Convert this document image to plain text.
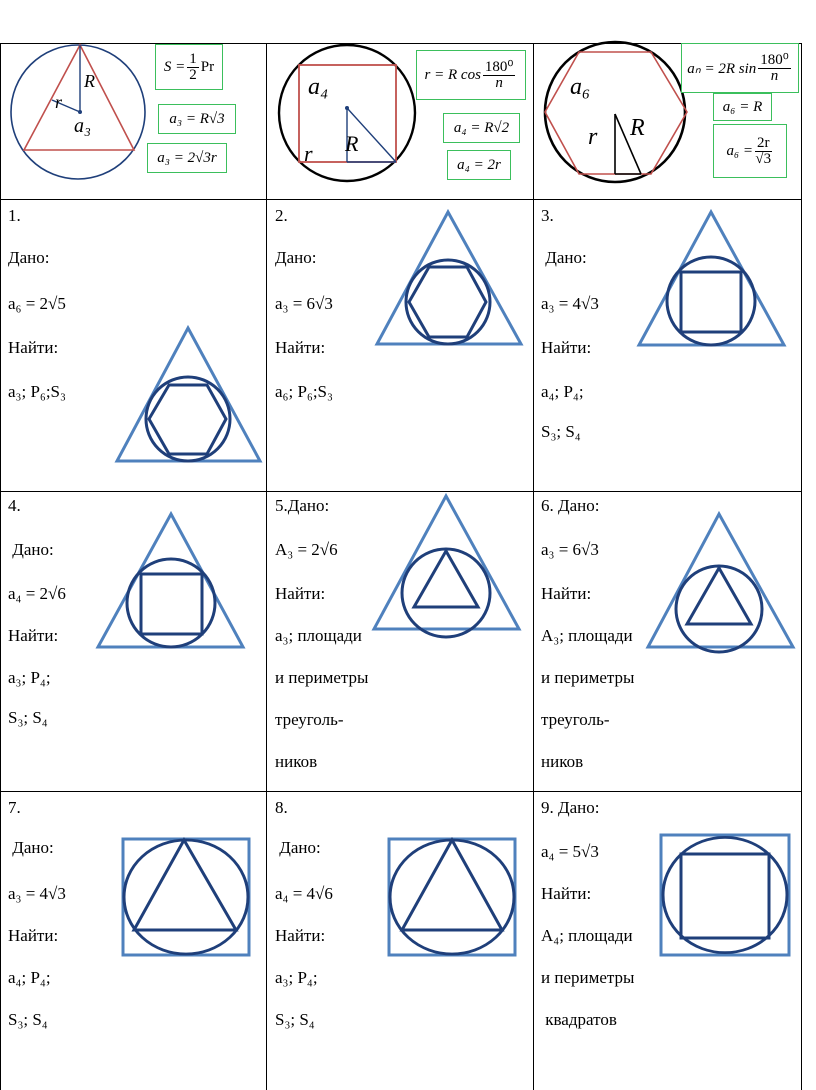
R
r
a₃
$S = \frac{1}{2}$ Pr
a₃ = R√3
a₃ = 2√3r
a₄
r R
r = R $\cos \frac{\text{180⁰}}{n}$
a₄ = R√2
a₄ = 2r
a₆
r R
aₙ = 2R $\sin \frac{\text{180⁰}}{n}$
a₆ = R
$a_6 = \frac{2r}{√3}$
1.
Дано:
a₆ = 2√5
Найти:
a₃; P₆;S₃
2.
Дано:
a₃ = 6√3
Найти:
a₆; P₆;S₃
3.
Дано:
a₃ = 4√3
Найти:
a₄; P₄;
S₃; S₄
4.
Дано:
a₄ = 2√6
Найти:
a₃; P₄;
S₃; S₄
5.Дано:
A₃ = 2√6
Найти:
a₃; площади
и периметры
треуголь-
ников
6. Дано:
a₃ = 6√3
Найти:
A₃; площади
и периметры
треуголь-
ников
7.
Дано:
a₃ = 4√3
Найти:
a₄; P₄;
S₃; S₄
8.
Дано:
a₄ = 4√6
Найти:
a₃; P₄;
S₃; S₄
9. Дано:
a₄ = 5√3
Найти:
A₄; площади
и периметры
квадратов
